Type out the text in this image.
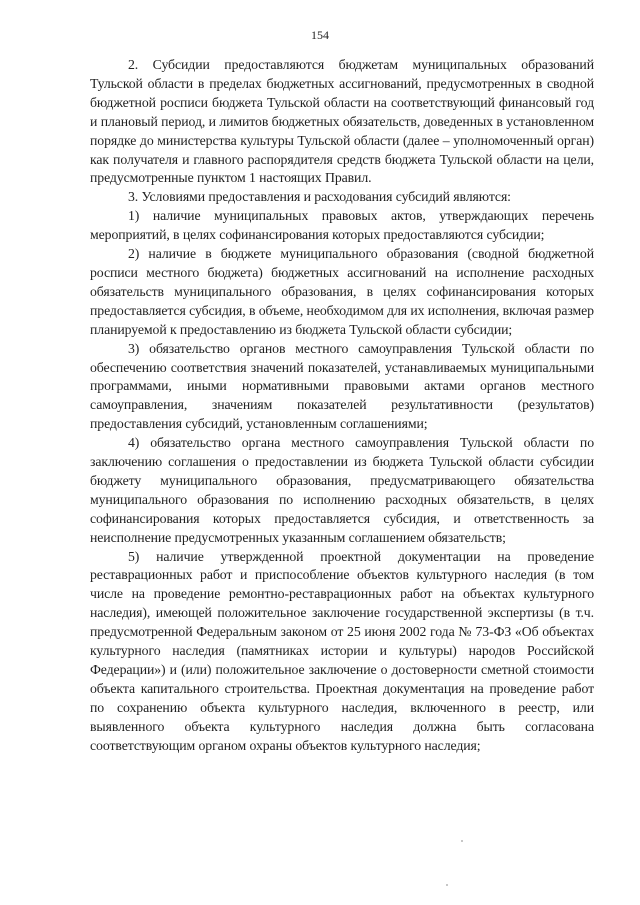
154

2. Субсидии предоставляются бюджетам муниципальных образований Тульской области в пределах бюджетных ассигнований, предусмотренных в сводной бюджетной росписи бюджета Тульской области на соответствующий финансовый год и плановый период, и лимитов бюджетных обязательств, доведенных в установленном порядке до министерства культуры Тульской области (далее – уполномоченный орган) как получателя и главного распорядителя средств бюджета Тульской области на цели, предусмотренные пунктом 1 настоящих Правил.

3. Условиями предоставления и расходования субсидий являются:

1) наличие муниципальных правовых актов, утверждающих перечень мероприятий, в целях софинансирования которых предоставляются субсидии;

2) наличие в бюджете муниципального образования (сводной бюджетной росписи местного бюджета) бюджетных ассигнований на исполнение расходных обязательств муниципального образования, в целях софинансирования которых предоставляется субсидия, в объеме, необходимом для их исполнения, включая размер планируемой к предоставлению из бюджета Тульской области субсидии;

3) обязательство органов местного самоуправления Тульской области по обеспечению соответствия значений показателей, устанавливаемых муниципальными программами, иными нормативными правовыми актами органов местного самоуправления, значениям показателей результативности (результатов) предоставления субсидий, установленным соглашениями;

4) обязательство органа местного самоуправления Тульской области по заключению соглашения о предоставлении из бюджета Тульской области субсидии бюджету муниципального образования, предусматривающего обязательства муниципального образования по исполнению расходных обязательств, в целях софинансирования которых предоставляется субсидия, и ответственность за неисполнение предусмотренных указанным соглашением обязательств;

5) наличие утвержденной проектной документации на проведение реставрационных работ и приспособление объектов культурного наследия (в том числе на проведение ремонтно-реставрационных работ на объектах культурного наследия), имеющей положительное заключение государственной экспертизы (в т.ч. предусмотренной Федеральным законом от 25 июня 2002 года № 73-ФЗ «Об объектах культурного наследия (памятниках истории и культуры) народов Российской Федерации») и (или) положительное заключение о достоверности сметной стоимости объекта капитального строительства. Проектная документация на проведение работ по сохранению объекта культурного наследия, включенного в реестр, или выявленного объекта культурного наследия должна быть согласована соответствующим органом охраны объектов культурного наследия;
